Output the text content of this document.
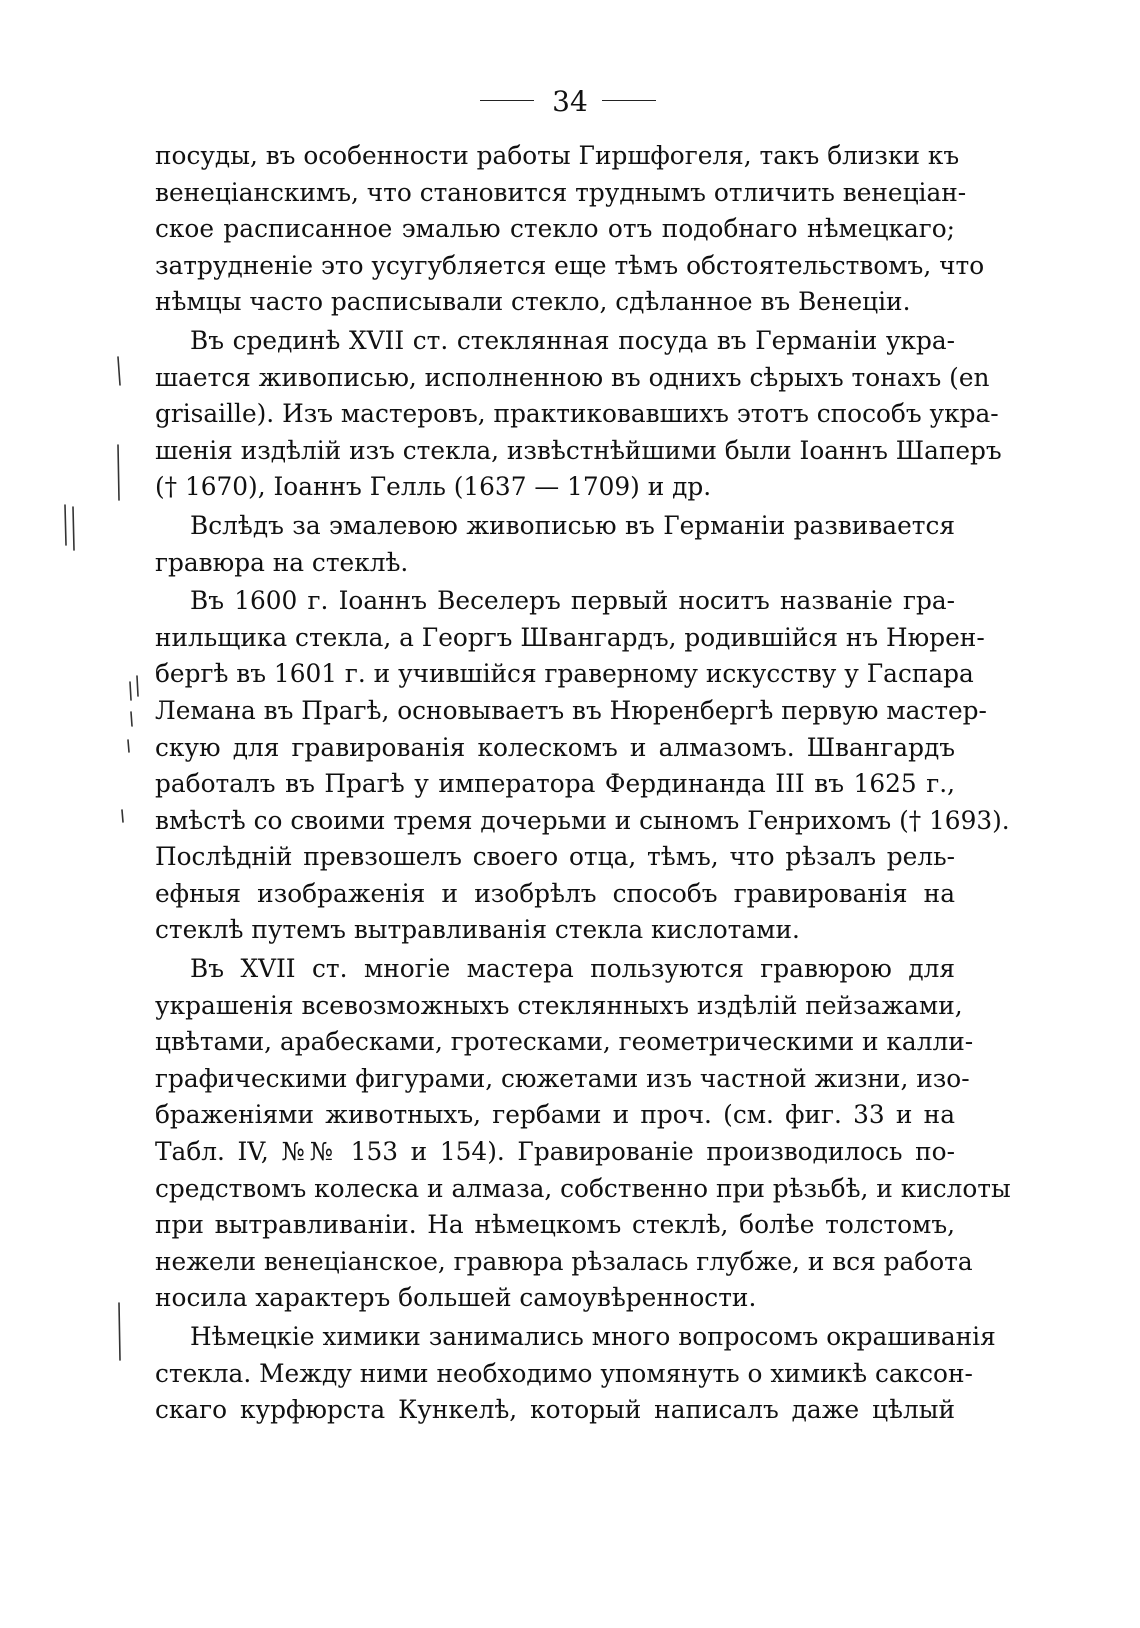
34
посуды, въ особенности работы Гиршфогеля, такъ близки къ
венеціанскимъ, что становится труднымъ отличить венеціан-
ское расписанное эмалью стекло отъ подобнаго нѣмецкаго;
затрудненіе это усугубляется еще тѣмъ обстоятельствомъ, что
нѣмцы часто расписывали стекло, сдѣланное въ Венеціи.
Въ срединѣ XVII ст. стеклянная посуда въ Германіи укра-
шается живописью, исполненною въ однихъ сѣрыхъ тонахъ (en
grisaille). Изъ мастеровъ, практиковавшихъ этотъ способъ укра-
шенія издѣлій изъ стекла, извѣстнѣйшими были Іоаннъ Шаперъ
(† 1670), Іоаннъ Гелль (1637 — 1709) и др.
Вслѣдъ за эмалевою живописью въ Германіи развивается
гравюра на стеклѣ.
Въ 1600 г. Іоаннъ Веселеръ первый носитъ названіе гра-
нильщика стекла, а Георгъ Швангардъ, родившійся нъ Нюрен-
бергѣ въ 1601 г. и учившійся граверному искусству у Гаспара
Лемана въ Прагѣ, основываетъ въ Нюренбергѣ первую мастер-
скую для гравированія колескомъ и алмазомъ. Швангардъ
работалъ въ Прагѣ у императора Фердинанда III въ 1625 г.,
вмѣстѣ со своими тремя дочерьми и сыномъ Генрихомъ († 1693).
Послѣдній превзошелъ своего отца, тѣмъ, что рѣзалъ рель-
ефныя изображенія и изобрѣлъ способъ гравированія на
стеклѣ путемъ вытравливанія стекла кислотами.
Въ XVII ст. многіе мастера пользуются гравюрою для
украшенія всевозможныхъ стеклянныхъ издѣлій пейзажами,
цвѣтами, арабесками, гротесками, геометрическими и калли-
графическими фигурами, сюжетами изъ частной жизни, изо-
браженіями животныхъ, гербами и проч. (см. фиг. 33 и на
Табл. IV, №№ 153 и 154). Гравированіе производилось по-
средствомъ колеска и алмаза, собственно при рѣзьбѣ, и кислоты
при вытравливаніи. На нѣмецкомъ стеклѣ, болѣе толстомъ,
нежели венеціанское, гравюра рѣзалась глубже, и вся работа
носила характеръ большей самоувѣренности.
Нѣмецкіе химики занимались много вопросомъ окрашиванія
стекла. Между ними необходимо упомянуть о химикѣ саксон-
скаго курфюрста Кункелѣ, который написалъ даже цѣлый
